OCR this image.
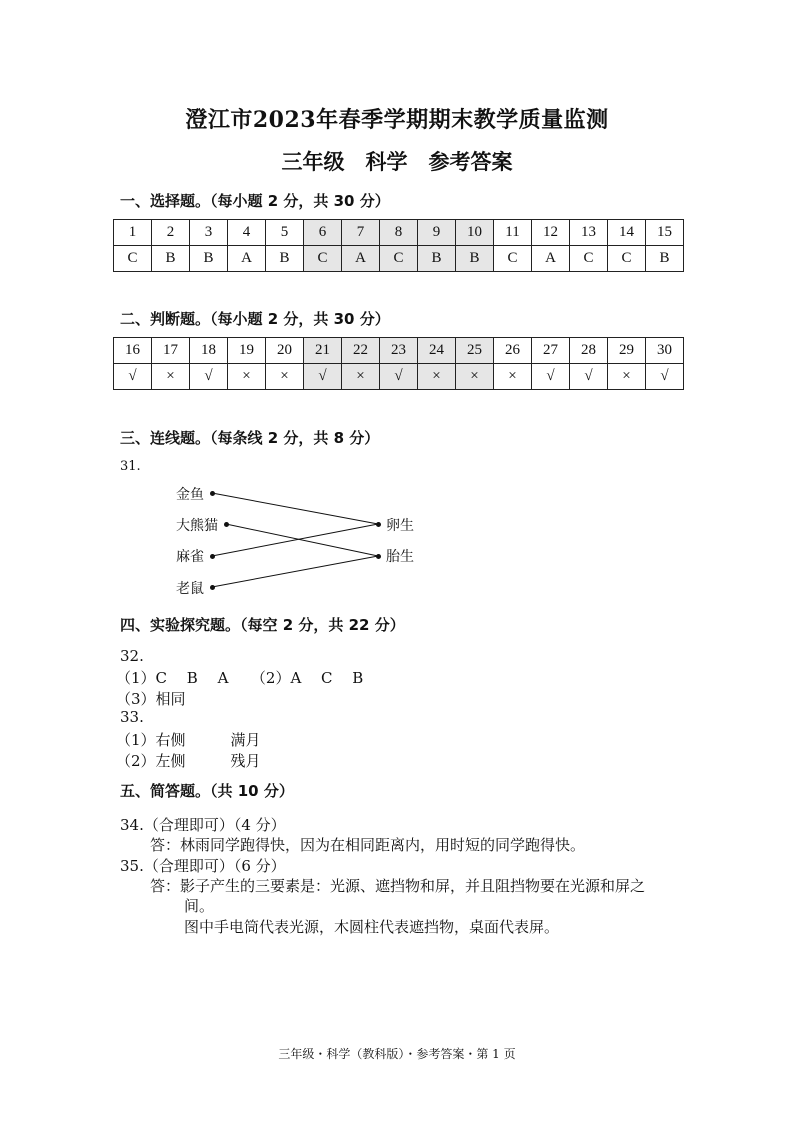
澄江市2023年春季学期期末教学质量监测
三年级　科学　参考答案
一、选择题。（每小题 2 分，共 30 分）
1	2	3	4	5	6	7	8	9	10	11	12	13	14	15
C	B	B	A	B	C	A	C	B	B	C	A	C	C	B
二、判断题。（每小题 2 分，共 30 分）
16	17	18	19	20	21	22	23	24	25	26	27	28	29	30
√	×	√	×	×	√	×	√	×	×	×	√	√	×	√
三、连线题。（每条线 2 分，共 8 分）
31.
金鱼
大熊猫
麻雀
老鼠
卵生
胎生
四、实验探究题。（每空 2 分，共 22 分）
32.
（1）C　 B　 A　　（2）A　 C　 B
（3）相同
33.
（1）右侧　　　满月
（2）左侧　　　残月
五、简答题。（共 10 分）
34.（合理即可）（4 分）
答：林雨同学跑得快，因为在相同距离内，用时短的同学跑得快。
35.（合理即可）（6 分）
答：影子产生的三要素是：光源、遮挡物和屏，并且阻挡物要在光源和屏之
间。
图中手电筒代表光源，木圆柱代表遮挡物，桌面代表屏。
三年级・科学（教科版）・参考答案・第 1 页
